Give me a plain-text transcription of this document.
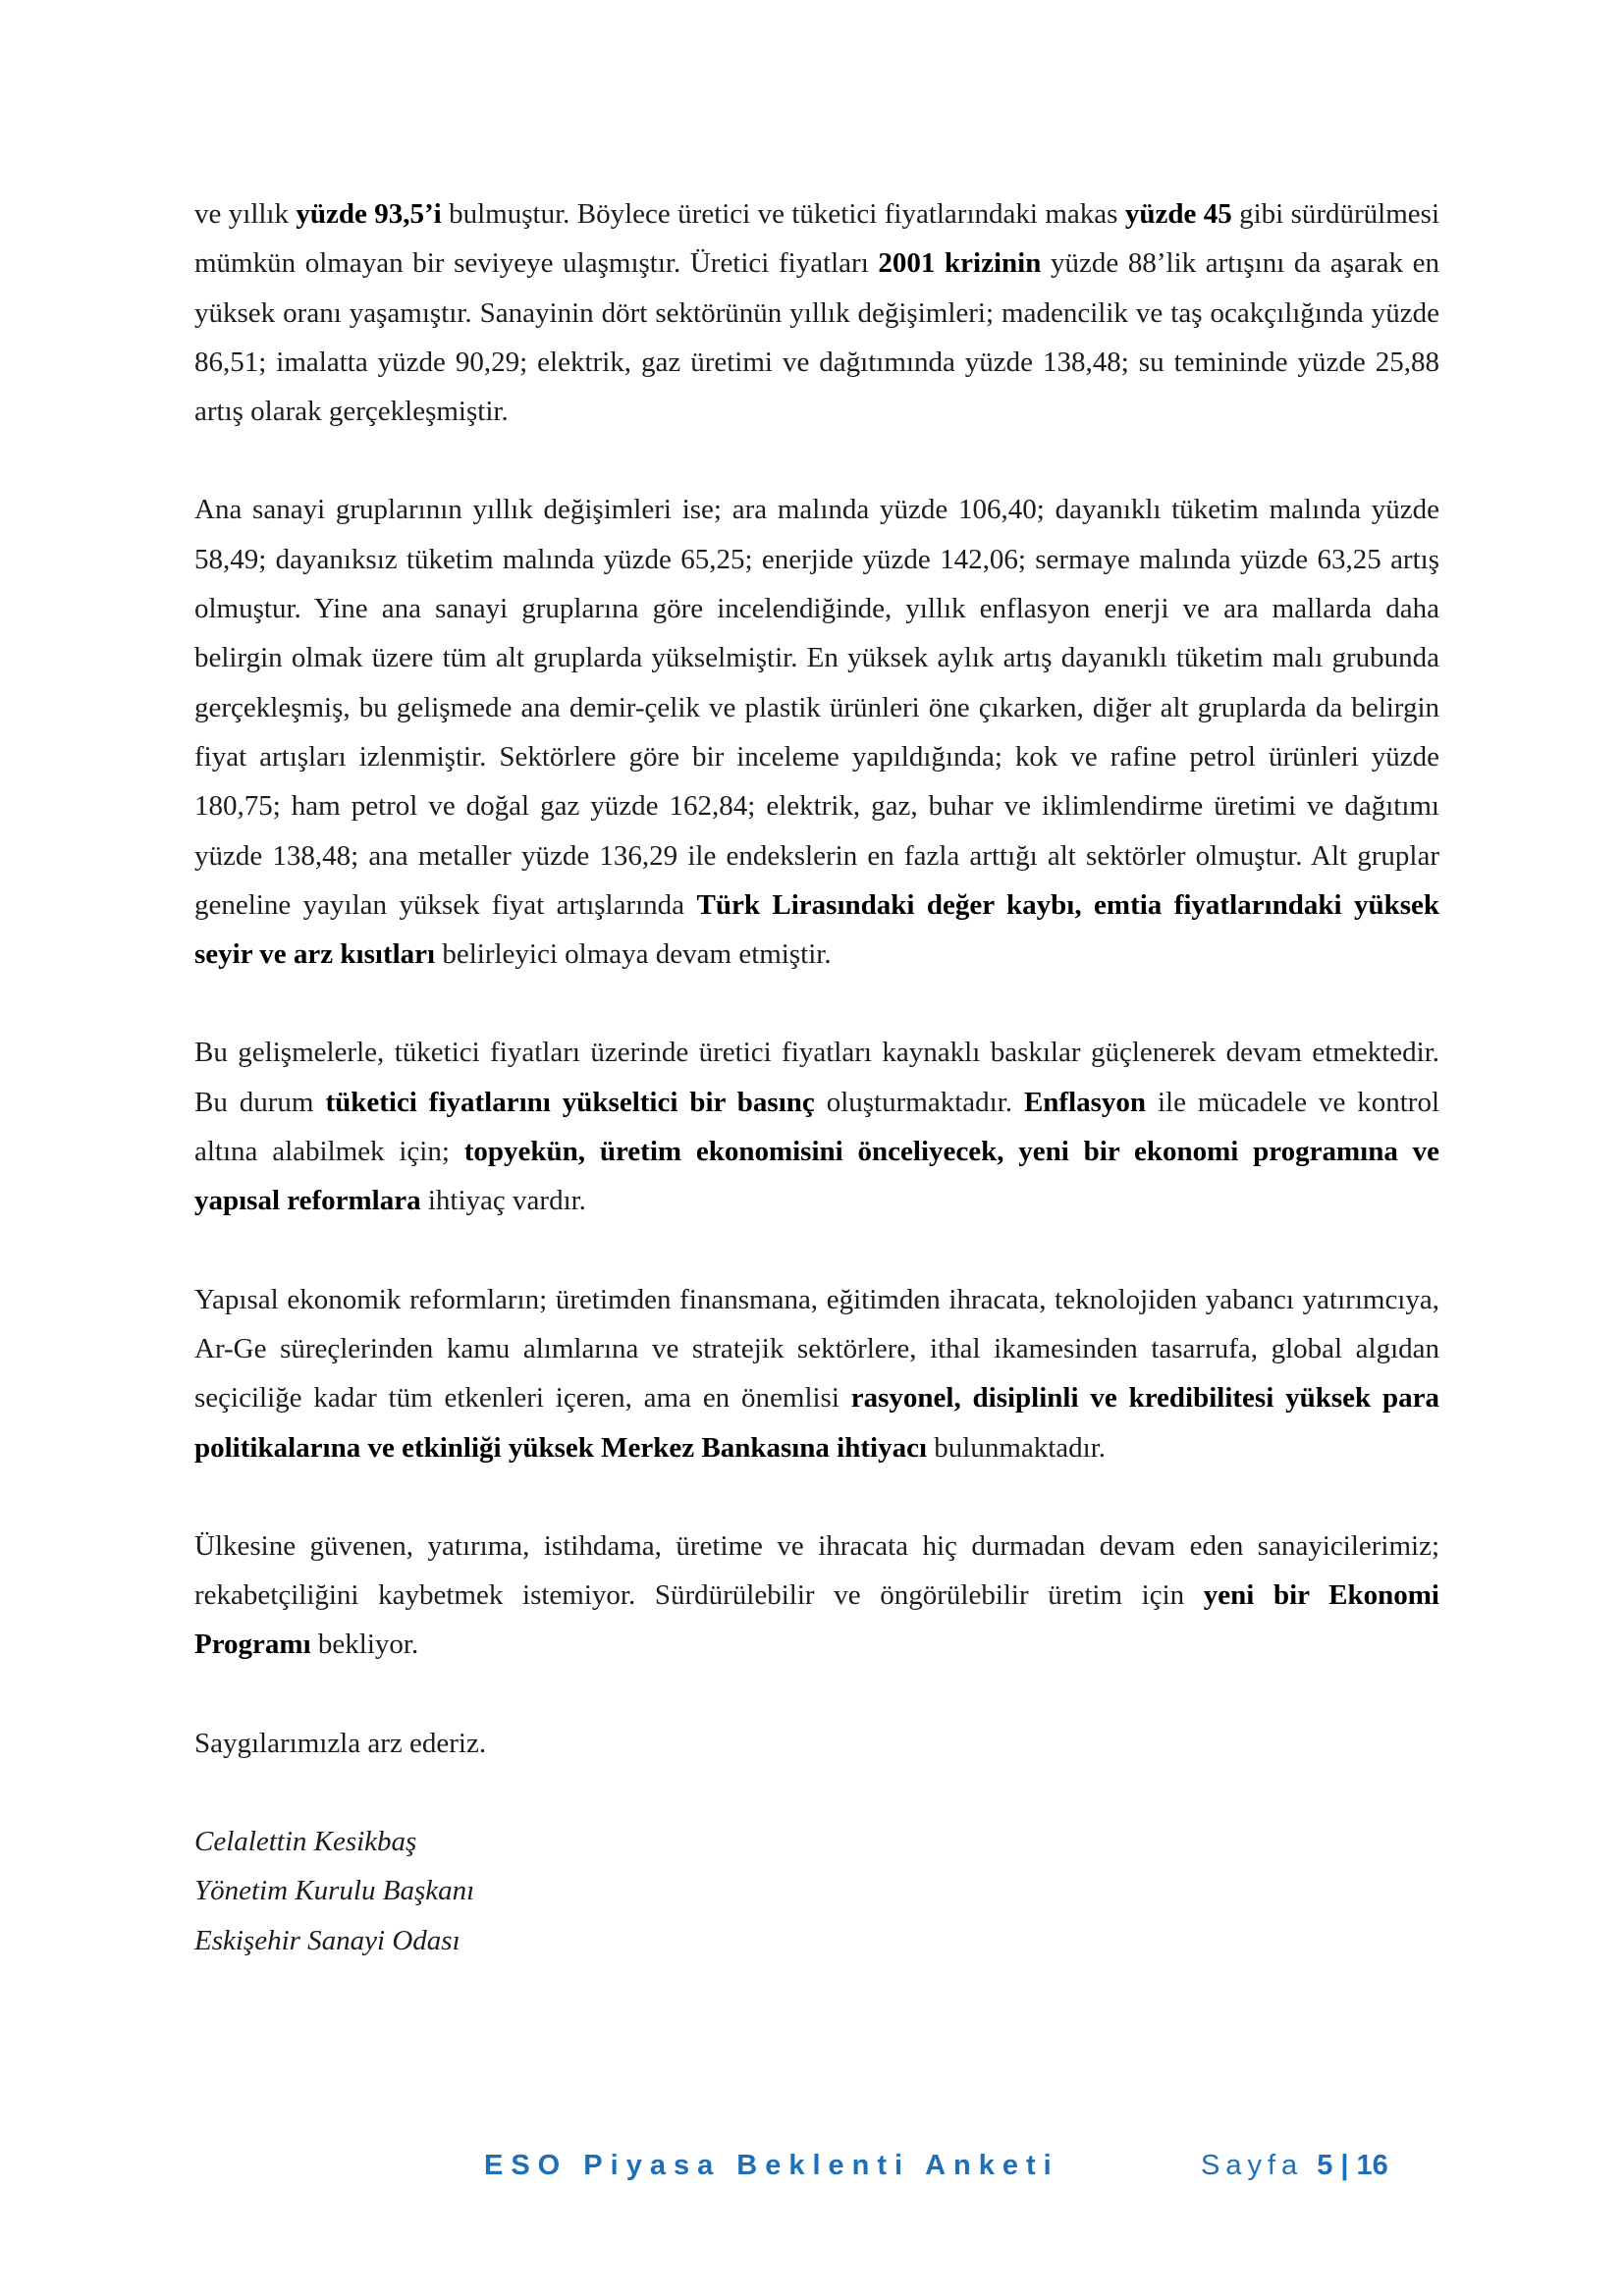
ve yıllık yüzde 93,5’i bulmuştur. Böylece üretici ve tüketici fiyatlarındaki makas yüzde 45 gibi sürdürülmesi mümkün olmayan bir seviyeye ulaşmıştır. Üretici fiyatları 2001 krizinin yüzde 88’lik artışını da aşarak en yüksek oranı yaşamıştır. Sanayinin dört sektörünün yıllık değişimleri; madencilik ve taş ocakçılığında yüzde 86,51; imalatta yüzde 90,29; elektrik, gaz üretimi ve dağıtımında yüzde 138,48; su temininde yüzde 25,88 artış olarak gerçekleşmiştir.

Ana sanayi gruplarının yıllık değişimleri ise; ara malında yüzde 106,40; dayanıklı tüketim malında yüzde 58,49; dayanıksız tüketim malında yüzde 65,25; enerjide yüzde 142,06; sermaye malında yüzde 63,25 artış olmuştur. Yine ana sanayi gruplarına göre incelendiğinde, yıllık enflasyon enerji ve ara mallarda daha belirgin olmak üzere tüm alt gruplarda yükselmiştir. En yüksek aylık artış dayanıklı tüketim malı grubunda gerçekleşmiş, bu gelişmede ana demir-çelik ve plastik ürünleri öne çıkarken, diğer alt gruplarda da belirgin fiyat artışları izlenmiştir. Sektörlere göre bir inceleme yapıldığında; kok ve rafine petrol ürünleri yüzde 180,75; ham petrol ve doğal gaz yüzde 162,84; elektrik, gaz, buhar ve iklimlendirme üretimi ve dağıtımı yüzde 138,48; ana metaller yüzde 136,29 ile endekslerin en fazla arttığı alt sektörler olmuştur. Alt gruplar geneline yayılan yüksek fiyat artışlarında Türk Lirasındaki değer kaybı, emtia fiyatlarındaki yüksek seyir ve arz kısıtları belirleyici olmaya devam etmiştir.

Bu gelişmelerle, tüketici fiyatları üzerinde üretici fiyatları kaynaklı baskılar güçlenerek devam etmektedir. Bu durum tüketici fiyatlarını yükseltici bir basınç oluşturmaktadır. Enflasyon ile mücadele ve kontrol altına alabilmek için; topyekün, üretim ekonomisini önceliyecek, yeni bir ekonomi programına ve yapısal reformlara ihtiyaç vardır.

Yapısal ekonomik reformların; üretimden finansmana, eğitimden ihracata, teknolojiden yabancı yatırımcıya, Ar-Ge süreçlerinden kamu alımlarına ve stratejik sektörlere, ithal ikamesinden tasarrufa, global algıdan seçiciliğe kadar tüm etkenleri içeren, ama en önemlisi rasyonel, disiplinli ve kredibilitesi yüksek para politikalarına ve etkinliği yüksek Merkez Bankasına ihtiyacı bulunmaktadır.

Ülkesine güvenen, yatırıma, istihdama, üretime ve ihracata hiç durmadan devam eden sanayicilerimiz; rekabetçiliğini kaybetmek istemiyor. Sürdürülebilir ve öngörülebilir üretim için yeni bir Ekonomi Programı bekliyor.

Saygılarımızla arz ederiz.

Celalettin Kesikbaş
Yönetim Kurulu Başkanı
Eskişehir Sanayi Odası
ESO Piyasa Beklenti Anketi	Sayfa 5 | 16
